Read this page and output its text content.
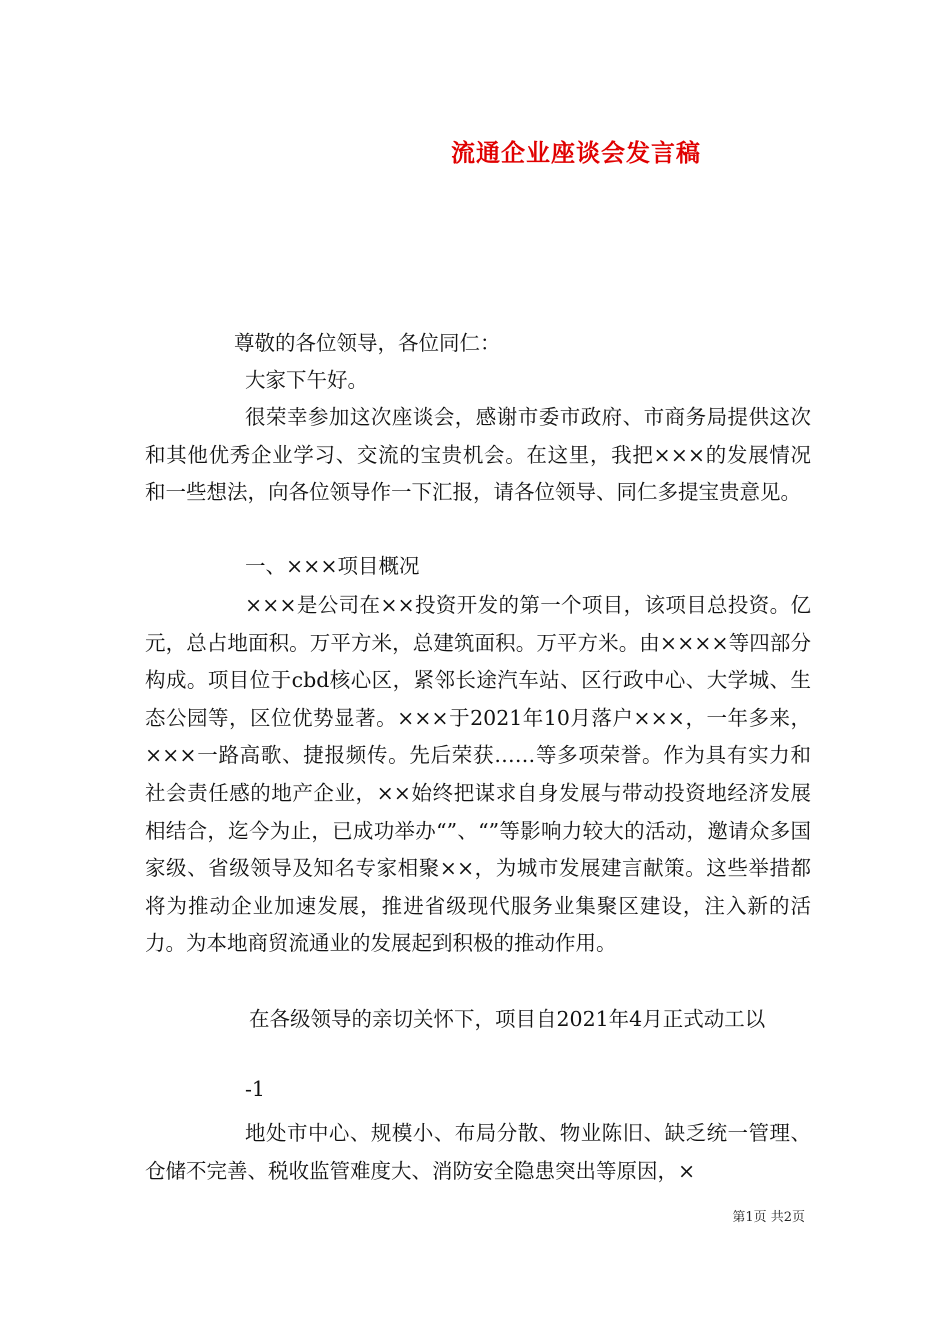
流通企业座谈会发言稿
尊敬的各位领导，各位同仁：
大家下午好。

很荣幸参加这次座谈会，感谢市委市政府、市商务局提供这次和其他优秀企业学习、交流的宝贵机会。在这里，我把×××的发展情况和一些想法，向各位领导作一下汇报，请各位领导、同仁多提宝贵意见。

一、×××项目概况

×××是公司在××投资开发的第一个项目，该项目总投资。亿元，总占地面积。万平方米，总建筑面积。万平方米。由××××等四部分构成。项目位于cbd核心区，紧邻长途汽车站、区行政中心、大学城、生态公园等，区位优势显著。×××于2021年10月落户×××，一年多来，×××一路高歌、捷报频传。先后荣获……等多项荣誉。作为具有实力和社会责任感的地产企业，××始终把谋求自身发展与带动投资地经济发展相结合，迄今为止，已成功举办“”、“”等影响力较大的活动，邀请众多国家级、省级领导及知名专家相聚××，为城市发展建言献策。这些举措都将为推动企业加速发展，推进省级现代服务业集聚区建设，注入新的活力。为本地商贸流通业的发展起到积极的推动作用。

在各级领导的亲切关怀下，项目自2021年4月正式动工以

-1

地处市中心、规模小、布局分散、物业陈旧、缺乏统一管理、仓储不完善、税收监管难度大、消防安全隐患突出等原因，×

第1页 共2页
